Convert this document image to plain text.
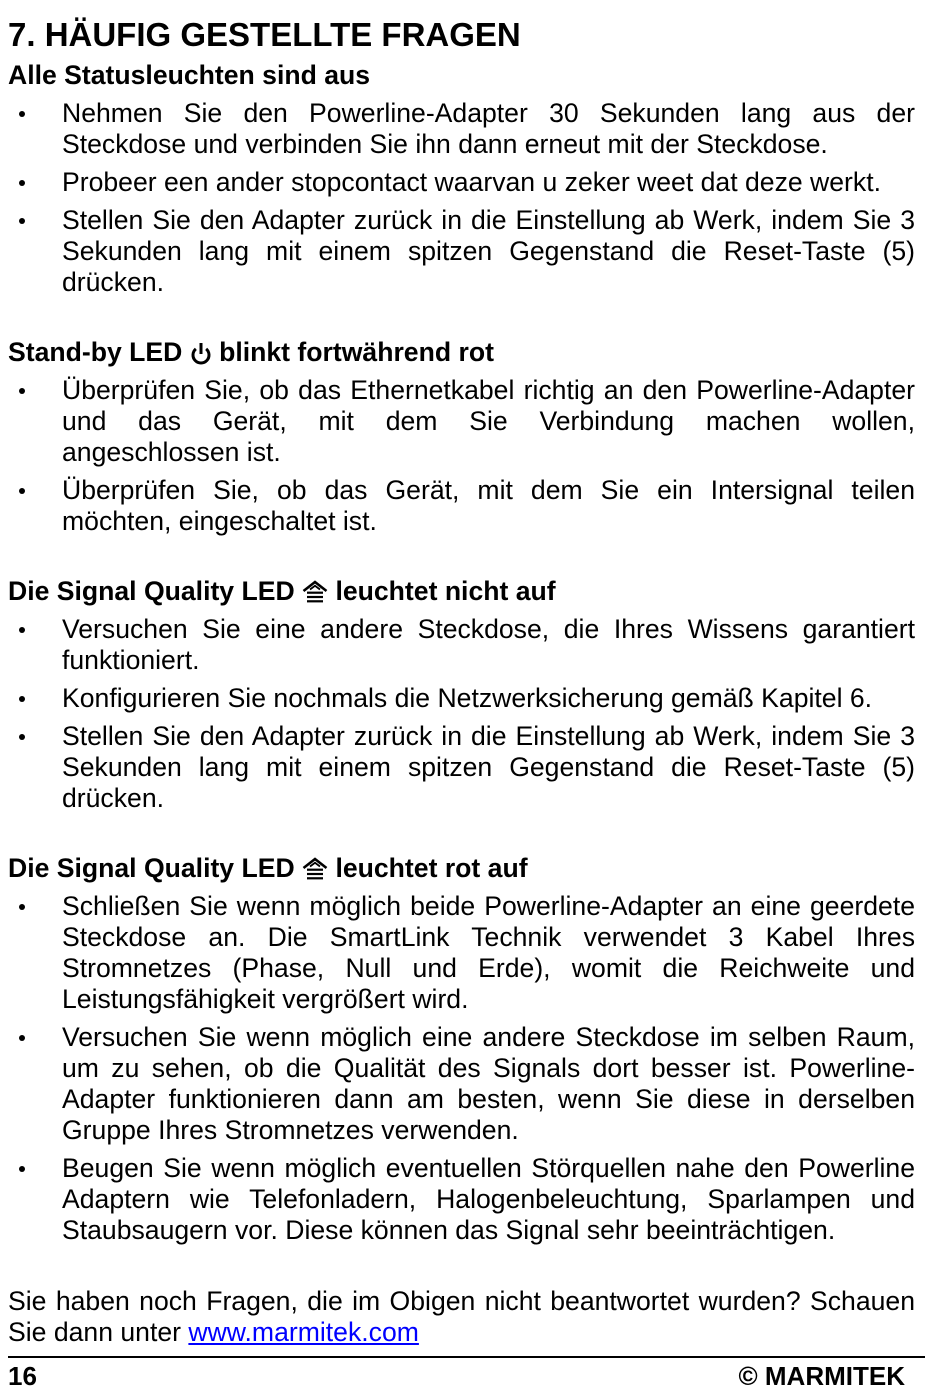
7. HÄUFIG GESTELLTE FRAGEN
Alle Statusleuchten sind aus
Nehmen Sie den Powerline-Adapter 30 Sekunden lang aus der
Steckdose und verbinden Sie ihn dann erneut mit der Steckdose.
Probeer een ander stopcontact waarvan u zeker weet dat deze werkt.
Stellen Sie den Adapter zurück in die Einstellung ab Werk, indem Sie 3
Sekunden lang mit einem spitzen Gegenstand die Reset-Taste (5)
drücken.
Stand-by LED blinkt fortwährend rot
Überprüfen Sie, ob das Ethernetkabel richtig an den Powerline-Adapter
und das Gerät, mit dem Sie Verbindung machen wollen,
angeschlossen ist.
Überprüfen Sie, ob das Gerät, mit dem Sie ein Intersignal teilen
möchten, eingeschaltet ist.
Die Signal Quality LED leuchtet nicht auf
Versuchen Sie eine andere Steckdose, die Ihres Wissens garantiert
funktioniert.
Konfigurieren Sie nochmals die Netzwerksicherung gemäß Kapitel 6.
Stellen Sie den Adapter zurück in die Einstellung ab Werk, indem Sie 3
Sekunden lang mit einem spitzen Gegenstand die Reset-Taste (5)
drücken.
Die Signal Quality LED leuchtet rot auf
Schließen Sie wenn möglich beide Powerline-Adapter an eine geerdete
Steckdose an. Die SmartLink Technik verwendet 3 Kabel Ihres
Stromnetzes (Phase, Null und Erde), womit die Reichweite und
Leistungsfähigkeit vergrößert wird.
Versuchen Sie wenn möglich eine andere Steckdose im selben Raum,
um zu sehen, ob die Qualität des Signals dort besser ist. Powerline-
Adapter funktionieren dann am besten, wenn Sie diese in derselben
Gruppe Ihres Stromnetzes verwenden.
Beugen Sie wenn möglich eventuellen Störquellen nahe den Powerline
Adaptern wie Telefonladern, Halogenbeleuchtung, Sparlampen und
Staubsaugern vor. Diese können das Signal sehr beeinträchtigen.
Sie haben noch Fragen, die im Obigen nicht beantwortet wurden? Schauen
Sie dann unter www.marmitek.com
16	© MARMITEK
